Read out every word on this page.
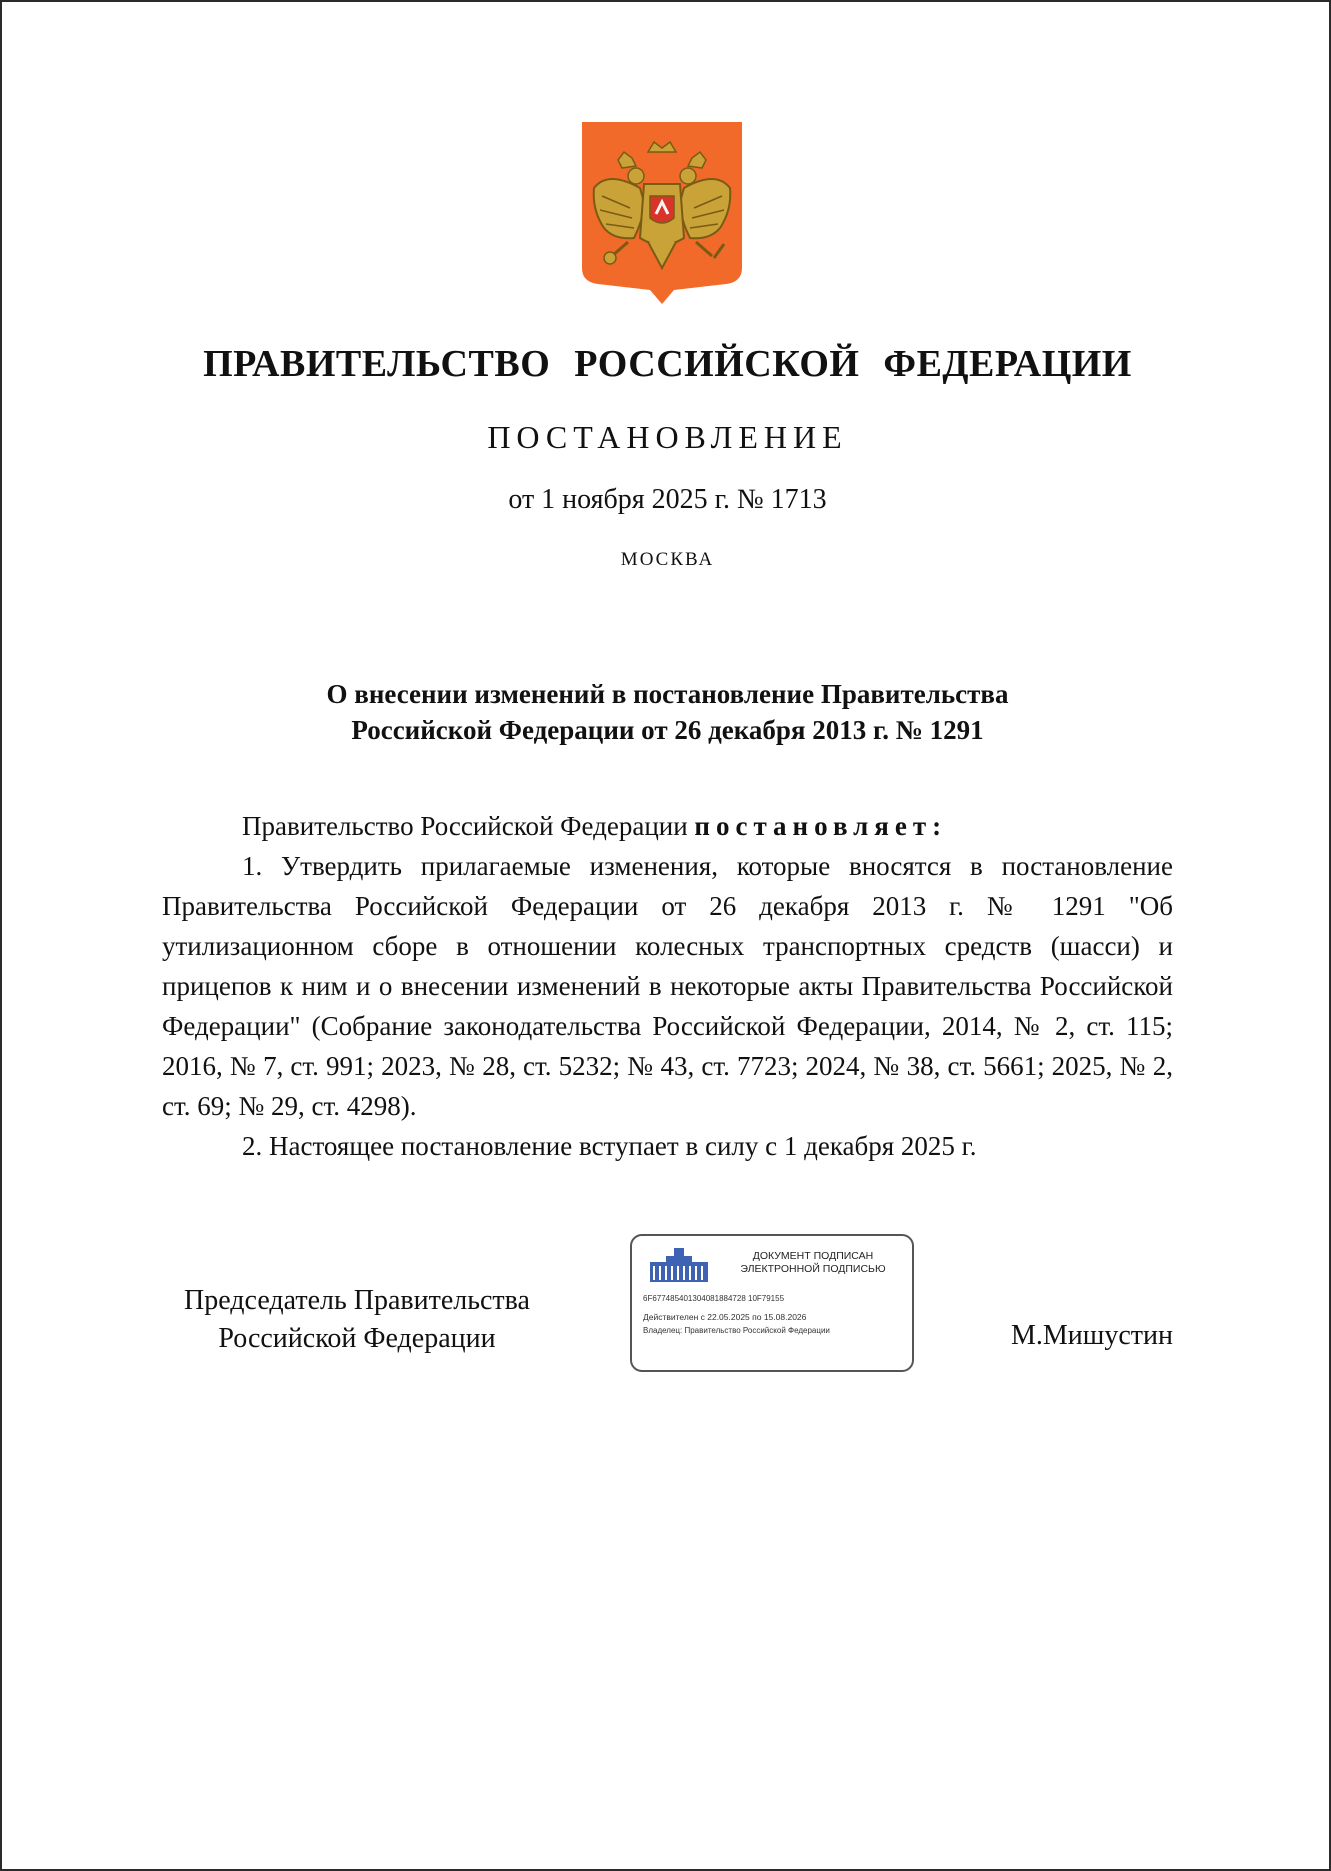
ПРАВИТЕЛЬСТВО РОССИЙСКОЙ ФЕДЕРАЦИИ
ПОСТАНОВЛЕНИЕ
от 1 ноября 2025 г. № 1713
МОСКВА
О внесении изменений в постановление Правительства
Российской Федерации от 26 декабря 2013 г. № 1291

Правительство Российской Федерации постановляет:

1. Утвердить прилагаемые изменения, которые вносятся в постановление Правительства Российской Федерации от 26 декабря 2013 г. № 1291 "Об утилизационном сборе в отношении колесных транспортных средств (шасси) и прицепов к ним и о внесении изменений в некоторые акты Правительства Российской Федерации" (Собрание законодательства Российской Федерации, 2014, № 2, ст. 115; 2016, № 7, ст. 991; 2023, № 28, ст. 5232; № 43, ст. 7723; 2024, № 38, ст. 5661; 2025, № 2, ст. 69; № 29, ст. 4298).

2. Настоящее постановление вступает в силу с 1 декабря 2025 г.

Председатель Правительства
Российской Федерации
ДОКУМЕНТ ПОДПИСАН
ЭЛЕКТРОННОЙ ПОДПИСЬЮ
6F677485401304081884728 10F79155
Действителен с 22.05.2025 по 15.08.2026
Владелец: Правительство Российской Федерации	М.Мишустин
